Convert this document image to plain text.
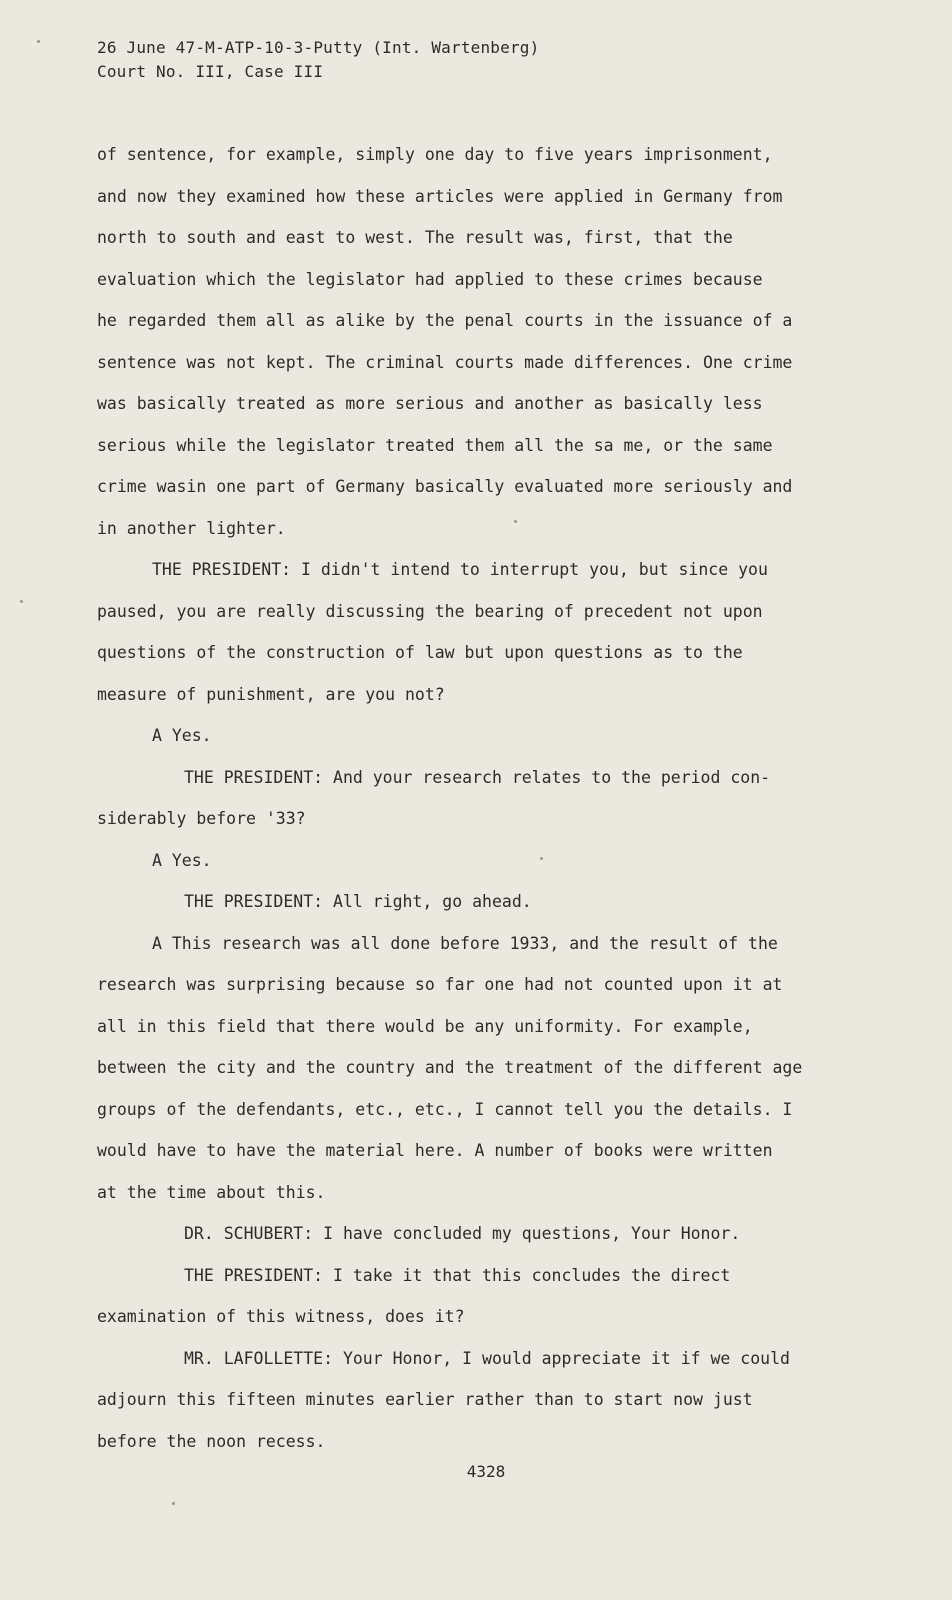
26 June 47-M-ATP-10-3-Putty (Int. Wartenberg)
Court No. III, Case III
of sentence, for example, simply one day to five years imprisonment,
and now they examined how these articles were applied in Germany from
north to south and east to west. The result was, first, that the
evaluation which the legislator had applied to these crimes because
he regarded them all as alike by the penal courts in the issuance of a
sentence was not kept. The criminal courts made differences. One crime
was basically treated as more serious and another as basically less
serious while the legislator treated them all the sa me, or the same
crime wasin one part of Germany basically evaluated more seriously and
in another lighter.
THE PRESIDENT: I didn't intend to interrupt you, but since you
paused, you are really discussing the bearing of precedent not upon
questions of the construction of law but upon questions as to the
measure of punishment, are you not?
A Yes.
THE PRESIDENT: And your research relates to the period con-
siderably before '33?
A Yes.
THE PRESIDENT: All right, go ahead.
A This research was all done before 1933, and the result of the
research was surprising because so far one had not counted upon it at
all in this field that there would be any uniformity. For example,
between the city and the country and the treatment of the different age
groups of the defendants, etc., etc., I cannot tell you the details. I
would have to have the material here. A number of books were written
at the time about this.
DR. SCHUBERT: I have concluded my questions, Your Honor.
THE PRESIDENT: I take it that this concludes the direct
examination of this witness, does it?
MR. LAFOLLETTE: Your Honor, I would appreciate it if we could
adjourn this fifteen minutes earlier rather than to start now just
before the noon recess.
4328
